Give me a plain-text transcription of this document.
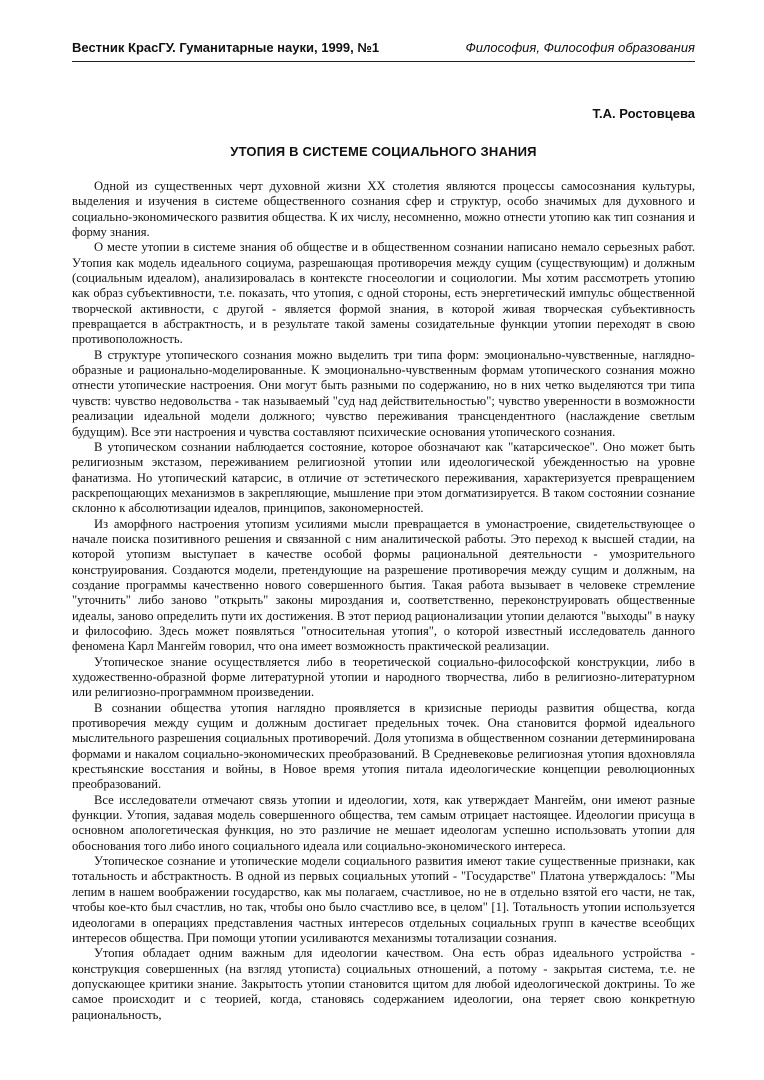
Вестник КрасГУ. Гуманитарные науки, 1999, №1	Философия, Философия образования
Т.А. Ростовцева
УТОПИЯ В СИСТЕМЕ СОЦИАЛЬНОГО ЗНАНИЯ

Одной из существенных черт духовной жизни XX столетия являются процессы самосознания культуры, выделения и изучения в системе общественного сознания сфер и структур, особо значимых для духовного и социально-экономического развития общества. К их числу, несомненно, можно отнести утопию как тип сознания и форму знания.

О месте утопии в системе знания об обществе и в общественном сознании написано немало серьезных работ. Утопия как модель идеального социума, разрешающая противоречия между сущим (существующим) и должным (социальным идеалом), анализировалась в контексте гносеологии и социологии. Мы хотим рассмотреть утопию как образ субъективности, т.е. показать, что утопия, с одной стороны, есть энергетический импульс общественной творческой активности, с другой - является формой знания, в которой живая творческая субъективность превращается в абстрактность, и в результате такой замены созидательные функции утопии переходят в свою противоположность.

В структуре утопического сознания можно выделить три типа форм: эмоционально-чувственные, наглядно-образные и рационально-моделированные. К эмоционально-чувственным формам утопического сознания можно отнести утопические настроения. Они могут быть разными по содержанию, но в них четко выделяются три типа чувств: чувство недовольства - так называемый "суд над действительностью"; чувство уверенности в возможности реализации идеальной модели должного; чувство переживания трансцендентного (наслаждение светлым будущим). Все эти настроения и чувства составляют психические основания утопического сознания.

В утопическом сознании наблюдается состояние, которое обозначают как "катарсическое". Оно может быть религиозным экстазом, переживанием религиозной утопии или идеологической убежденностью на уровне фанатизма. Но утопический катарсис, в отличие от эстетического переживания, характеризуется превращением раскрепощающих механизмов в закрепляющие, мышление при этом догматизируется. В таком состоянии сознание склонно к абсолютизации идеалов, принципов, закономерностей.

Из аморфного настроения утопизм усилиями мысли превращается в умонастроение, свидетельствующее о начале поиска позитивного решения и связанной с ним аналитической работы. Это переход к высшей стадии, на которой утопизм выступает в качестве особой формы рациональной деятельности - умозрительного конструирования. Создаются модели, претендующие на разрешение противоречия между сущим и должным, на создание программы качественно нового совершенного бытия. Такая работа вызывает в человеке стремление "уточнить" либо заново "открыть" законы мироздания и, соответственно, переконструировать общественные идеалы, заново определить пути их достижения. В этот период рационализации утопии делаются "выходы" в науку и философию. Здесь может появляться "относительная утопия", о которой известный исследователь данного феномена Карл Мангейм говорил, что она имеет возможность практической реализации.

Утопическое знание осуществляется либо в теоретической социально-философской конструкции, либо в художественно-образной форме литературной утопии и народного творчества, либо в религиозно-литературном или религиозно-программном произведении.

В сознании общества утопия наглядно проявляется в кризисные периоды развития общества, когда противоречия между сущим и должным достигает предельных точек. Она становится формой идеального мыслительного разрешения социальных противоречий. Доля утопизма в общественном сознании детерминирована формами и накалом социально-экономических преобразований. В Средневековье религиозная утопия вдохновляла крестьянские восстания и войны, в Новое время утопия питала идеологические концепции революционных преобразований.

Все исследователи отмечают связь утопии и идеологии, хотя, как утверждает Мангейм, они имеют разные функции. Утопия, задавая модель совершенного общества, тем самым отрицает настоящее. Идеологии присуща в основном апологетическая функция, но это различие не мешает идеологам успешно использовать утопии для обоснования того либо иного социального идеала или социально-экономического интереса.

Утопическое сознание и утопические модели социального развития имеют такие существенные признаки, как тотальность и абстрактность. В одной из первых социальных утопий - "Государстве" Платона утверждалось: "Мы лепим в нашем воображении государство, как мы полагаем, счастливое, но не в отдельно взятой его части, не так, чтобы кое-кто был счастлив, но так, чтобы оно было счастливо все, в целом" [1]. Тотальность утопии используется идеологами в операциях представления частных интересов отдельных социальных групп в качестве всеобщих интересов общества. При помощи утопии усиливаются механизмы тотализации сознания.

Утопия обладает одним важным для идеологии качеством. Она есть образ идеального устройства - конструкция совершенных (на взгляд утописта) социальных отношений, а потому - закрытая система, т.е. не допускающее критики знание. Закрытость утопии становится щитом для любой идеологической доктрины. То же самое происходит и с теорией, когда, становясь содержанием идеологии, она теряет свою конкретную рациональность,
